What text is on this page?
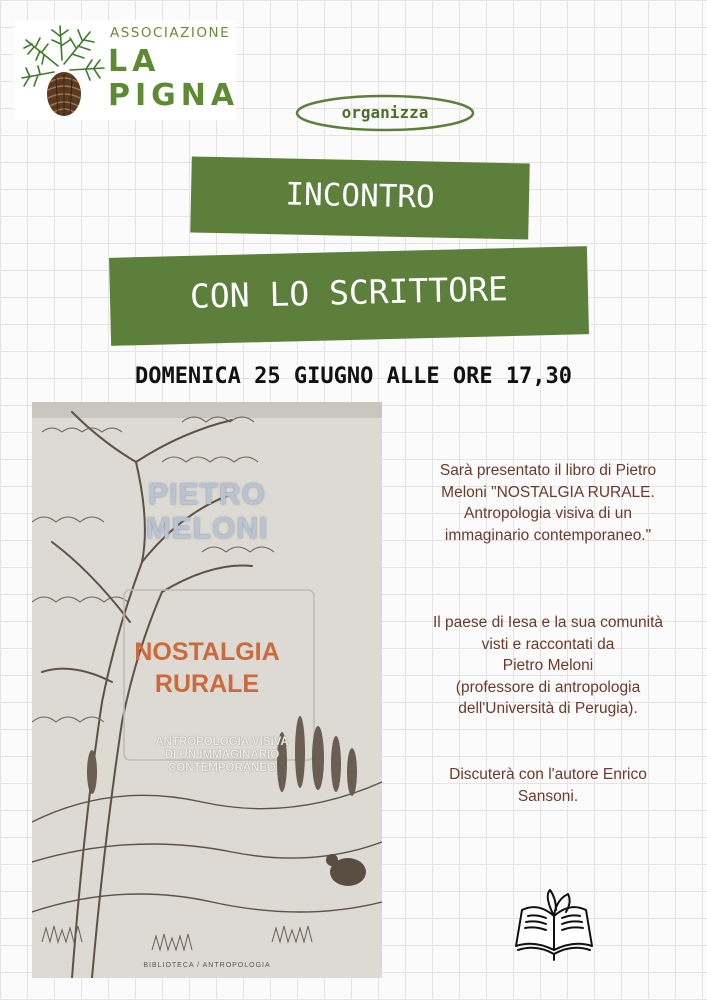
ASSOCIAZIONE
LA
PIGNA	organizza
INCONTRO
CON LO SCRITTORE
DOMENICA 25 GIUGNO ALLE ORE 17,30
PIETRO
MELONI
NOSTALGIA
RURALE
ANTROPOLOGIA VISIVA
DI UN IMMAGINARIO
CONTEMPORANEO
BIBLIOTECA / ANTROPOLOGIA
Sarà presentato il libro di Pietro
Meloni "NOSTALGIA RURALE.
Antropologia visiva di un
immaginario contemporaneo."
Il paese di Iesa e la sua comunità
visti e raccontati da
Pietro Meloni
(professore di antropologia
dell'Università di Perugia).
Discuterà con l'autore Enrico
Sansoni.
